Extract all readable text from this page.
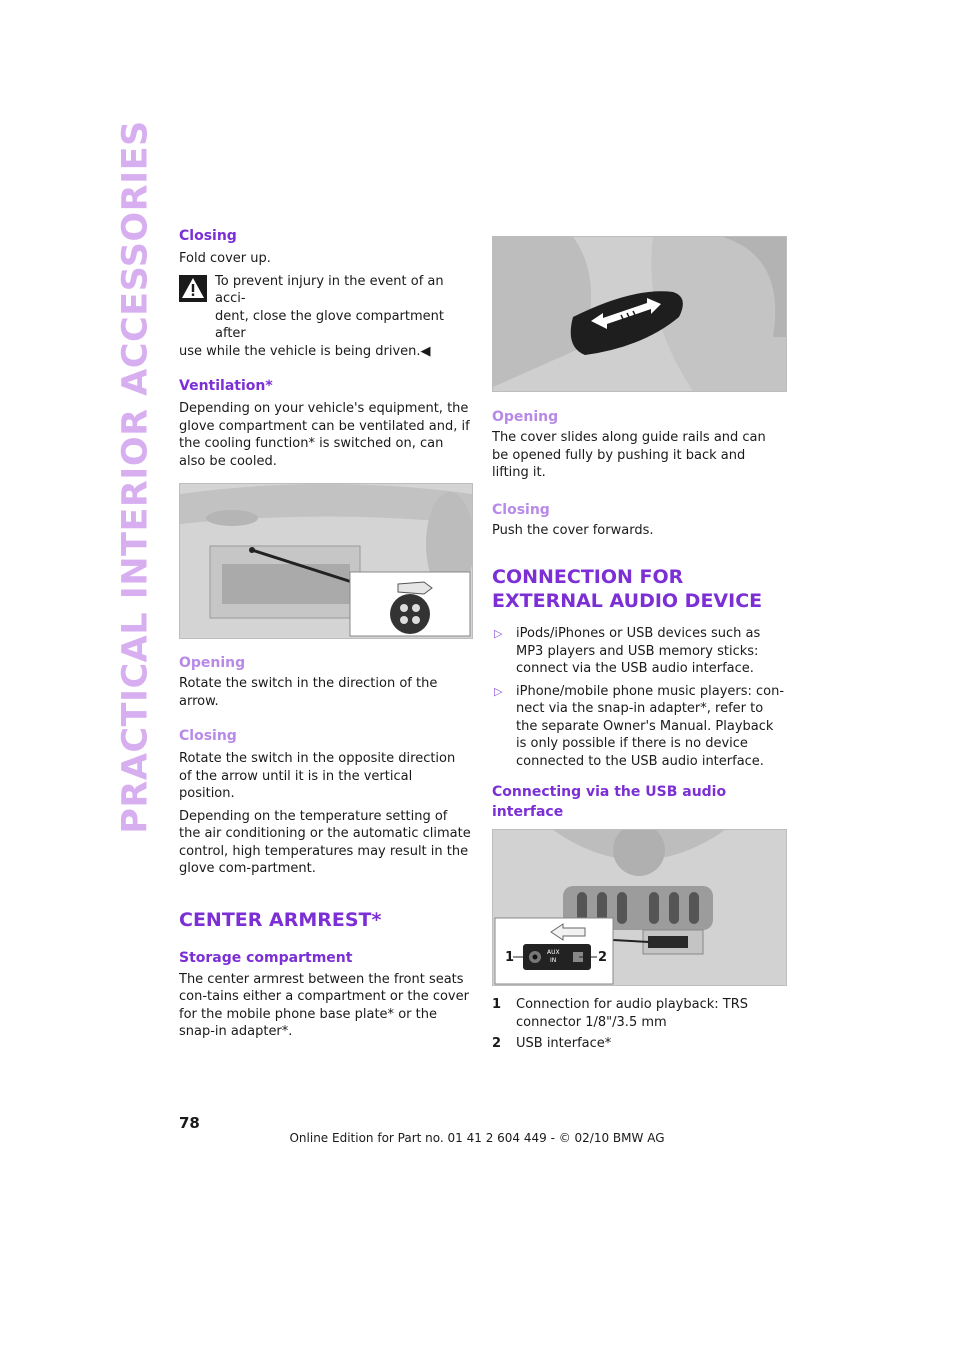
PRACTICAL INTERIOR ACCESSORIES Closing

Fold cover up.

To prevent injury in the event of an acci-

dent, close the glove compartment after

use while the vehicle is being driven.◀

Ventilation*

Depending on your vehicle's equipment, the glove compartment can be ventilated and, if the cooling function* is switched on, can also be cooled.

Opening

Rotate the switch in the direction of the arrow.

Closing

Rotate the switch in the opposite direction of the arrow until it is in the vertical position.

Depending on the temperature setting of the air conditioning or the automatic climate control, high temperatures may result in the glove com-partment.

CENTER ARMREST*
Storage compartment

The center armrest between the front seats con-tains either a compartment or the cover for the mobile phone base plate* or the snap-in adapter*.

Opening

The cover slides along guide rails and can be opened fully by pushing it back and lifting it.

Closing

Push the cover forwards.

CONNECTION FOR EXTERNAL AUDIO DEVICE
▷ iPods/iPhones or USB devices such as MP3 players and USB memory sticks: connect via the USB audio interface.
▷ iPhone/mobile phone music players: con-nect via the snap-in adapter*, refer to the separate Owner's Manual. Playback is only possible if there is no device connected to the USB audio interface.
Connecting via the USB audio interface
AUX
IN
1	2
1 Connection for audio playback: TRS connector 1/8"/3.5 mm
2 USB interface*
78
Online Edition for Part no. 01 41 2 604 449 - © 02/10 BMW AG
